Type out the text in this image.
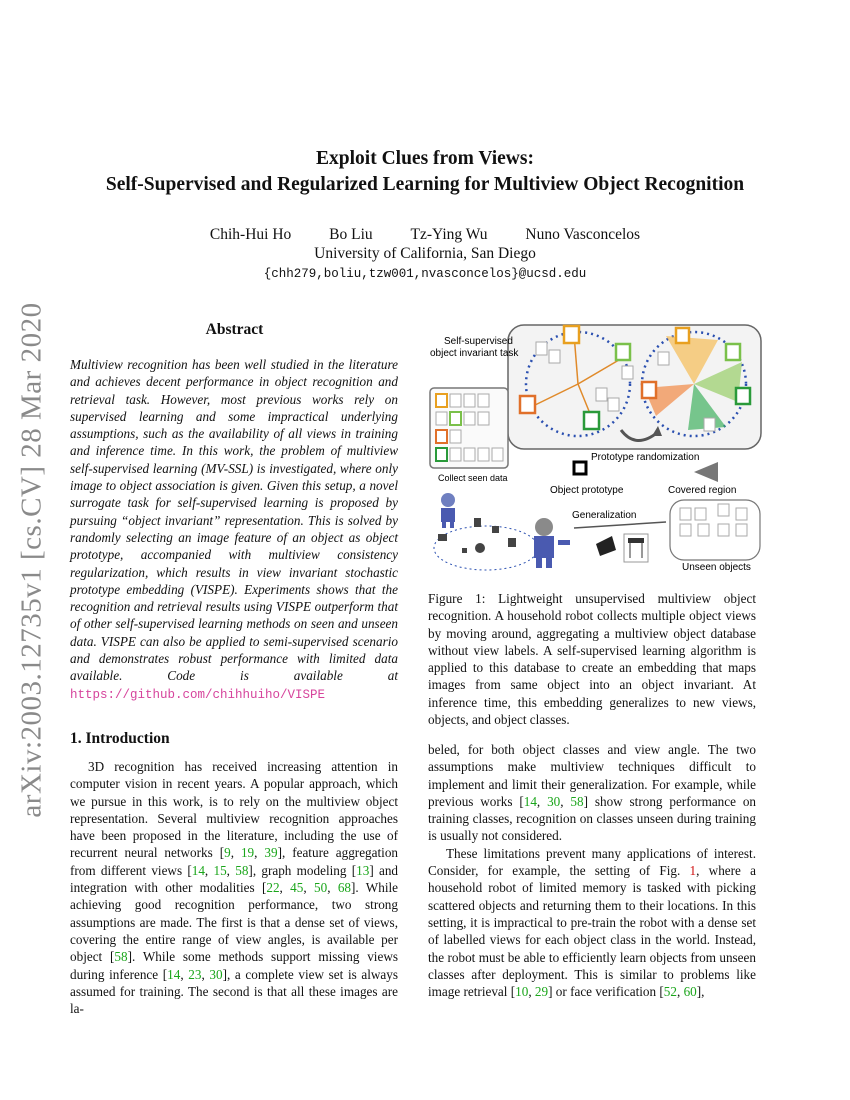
arXiv:2003.12735v1 [cs.CV] 28 Mar 2020
Exploit Clues from Views:
Self-Supervised and Regularized Learning for Multiview Object Recognition
Chih-Hui Ho Bo Liu Tz-Ying Wu Nuno Vasconcelos
University of California, San Diego
{chh279,boliu,tzw001,nvasconcelos}@ucsd.edu
Abstract
Multiview recognition has been well studied in the literature and achieves decent performance in object recognition and retrieval task. However, most previous works rely on supervised learning and some impractical underlying assumptions, such as the availability of all views in training and inference time. In this work, the problem of multiview self-supervised learning (MV-SSL) is investigated, where only image to object association is given. Given this setup, a novel surrogate task for self-supervised learning is proposed by pursuing “object invariant” representation. This is solved by randomly selecting an image feature of an object as object prototype, accompanied with multiview consistency regularization, which results in view invariant stochastic prototype embedding (VISPE). Experiments shows that the recognition and retrieval results using VISPE outperform that of other self-supervised learning methods on seen and unseen data. VISPE can also be applied to semi-supervised scenario and demonstrates robust performance with limited data available. Code is available at https://github.com/chihhuiho/VISPE
Prototype randomization
Self-supervised
object invariant task
Collect seen data
Object prototype	Covered region
Generalization
Unseen objects
Figure 1: Lightweight unsupervised multiview object recognition. A household robot collects multiple object views by moving around, aggregating a multiview object database without view labels. A self-supervised learning algorithm is applied to this database to create an embedding that maps images from same object into an object invariant. At inference time, this embedding generalizes to new views, objects, and object classes.
1. Introduction

3D recognition has received increasing attention in computer vision in recent years. A popular approach, which we pursue in this work, is to rely on the multiview object representation. Several multiview recognition approaches have been proposed in the literature, including the use of recurrent neural networks [9, 19, 39], feature aggregation from different views [14, 15, 58], graph modeling [13] and integration with other modalities [22, 45, 50, 68]. While achieving good recognition performance, two strong assumptions are made. The first is that a dense set of views, covering the entire range of view angles, is available per object [58]. While some methods support missing views during inference [14, 23, 30], a complete view set is always assumed for training. The second is that all these images are la-

beled, for both object classes and view angle. The two assumptions make multiview techniques difficult to implement and limit their generalization. For example, while previous works [14, 30, 58] show strong performance on training classes, recognition on classes unseen during training is usually not considered.

These limitations prevent many applications of interest. Consider, for example, the setting of Fig. 1, where a household robot of limited memory is tasked with picking scattered objects and returning them to their locations. In this setting, it is impractical to pre-train the robot with a dense set of labelled views for each object class in the world. Instead, the robot must be able to efficiently learn objects from unseen classes after deployment. This is similar to problems like image retrieval [10, 29] or face verification [52, 60],
